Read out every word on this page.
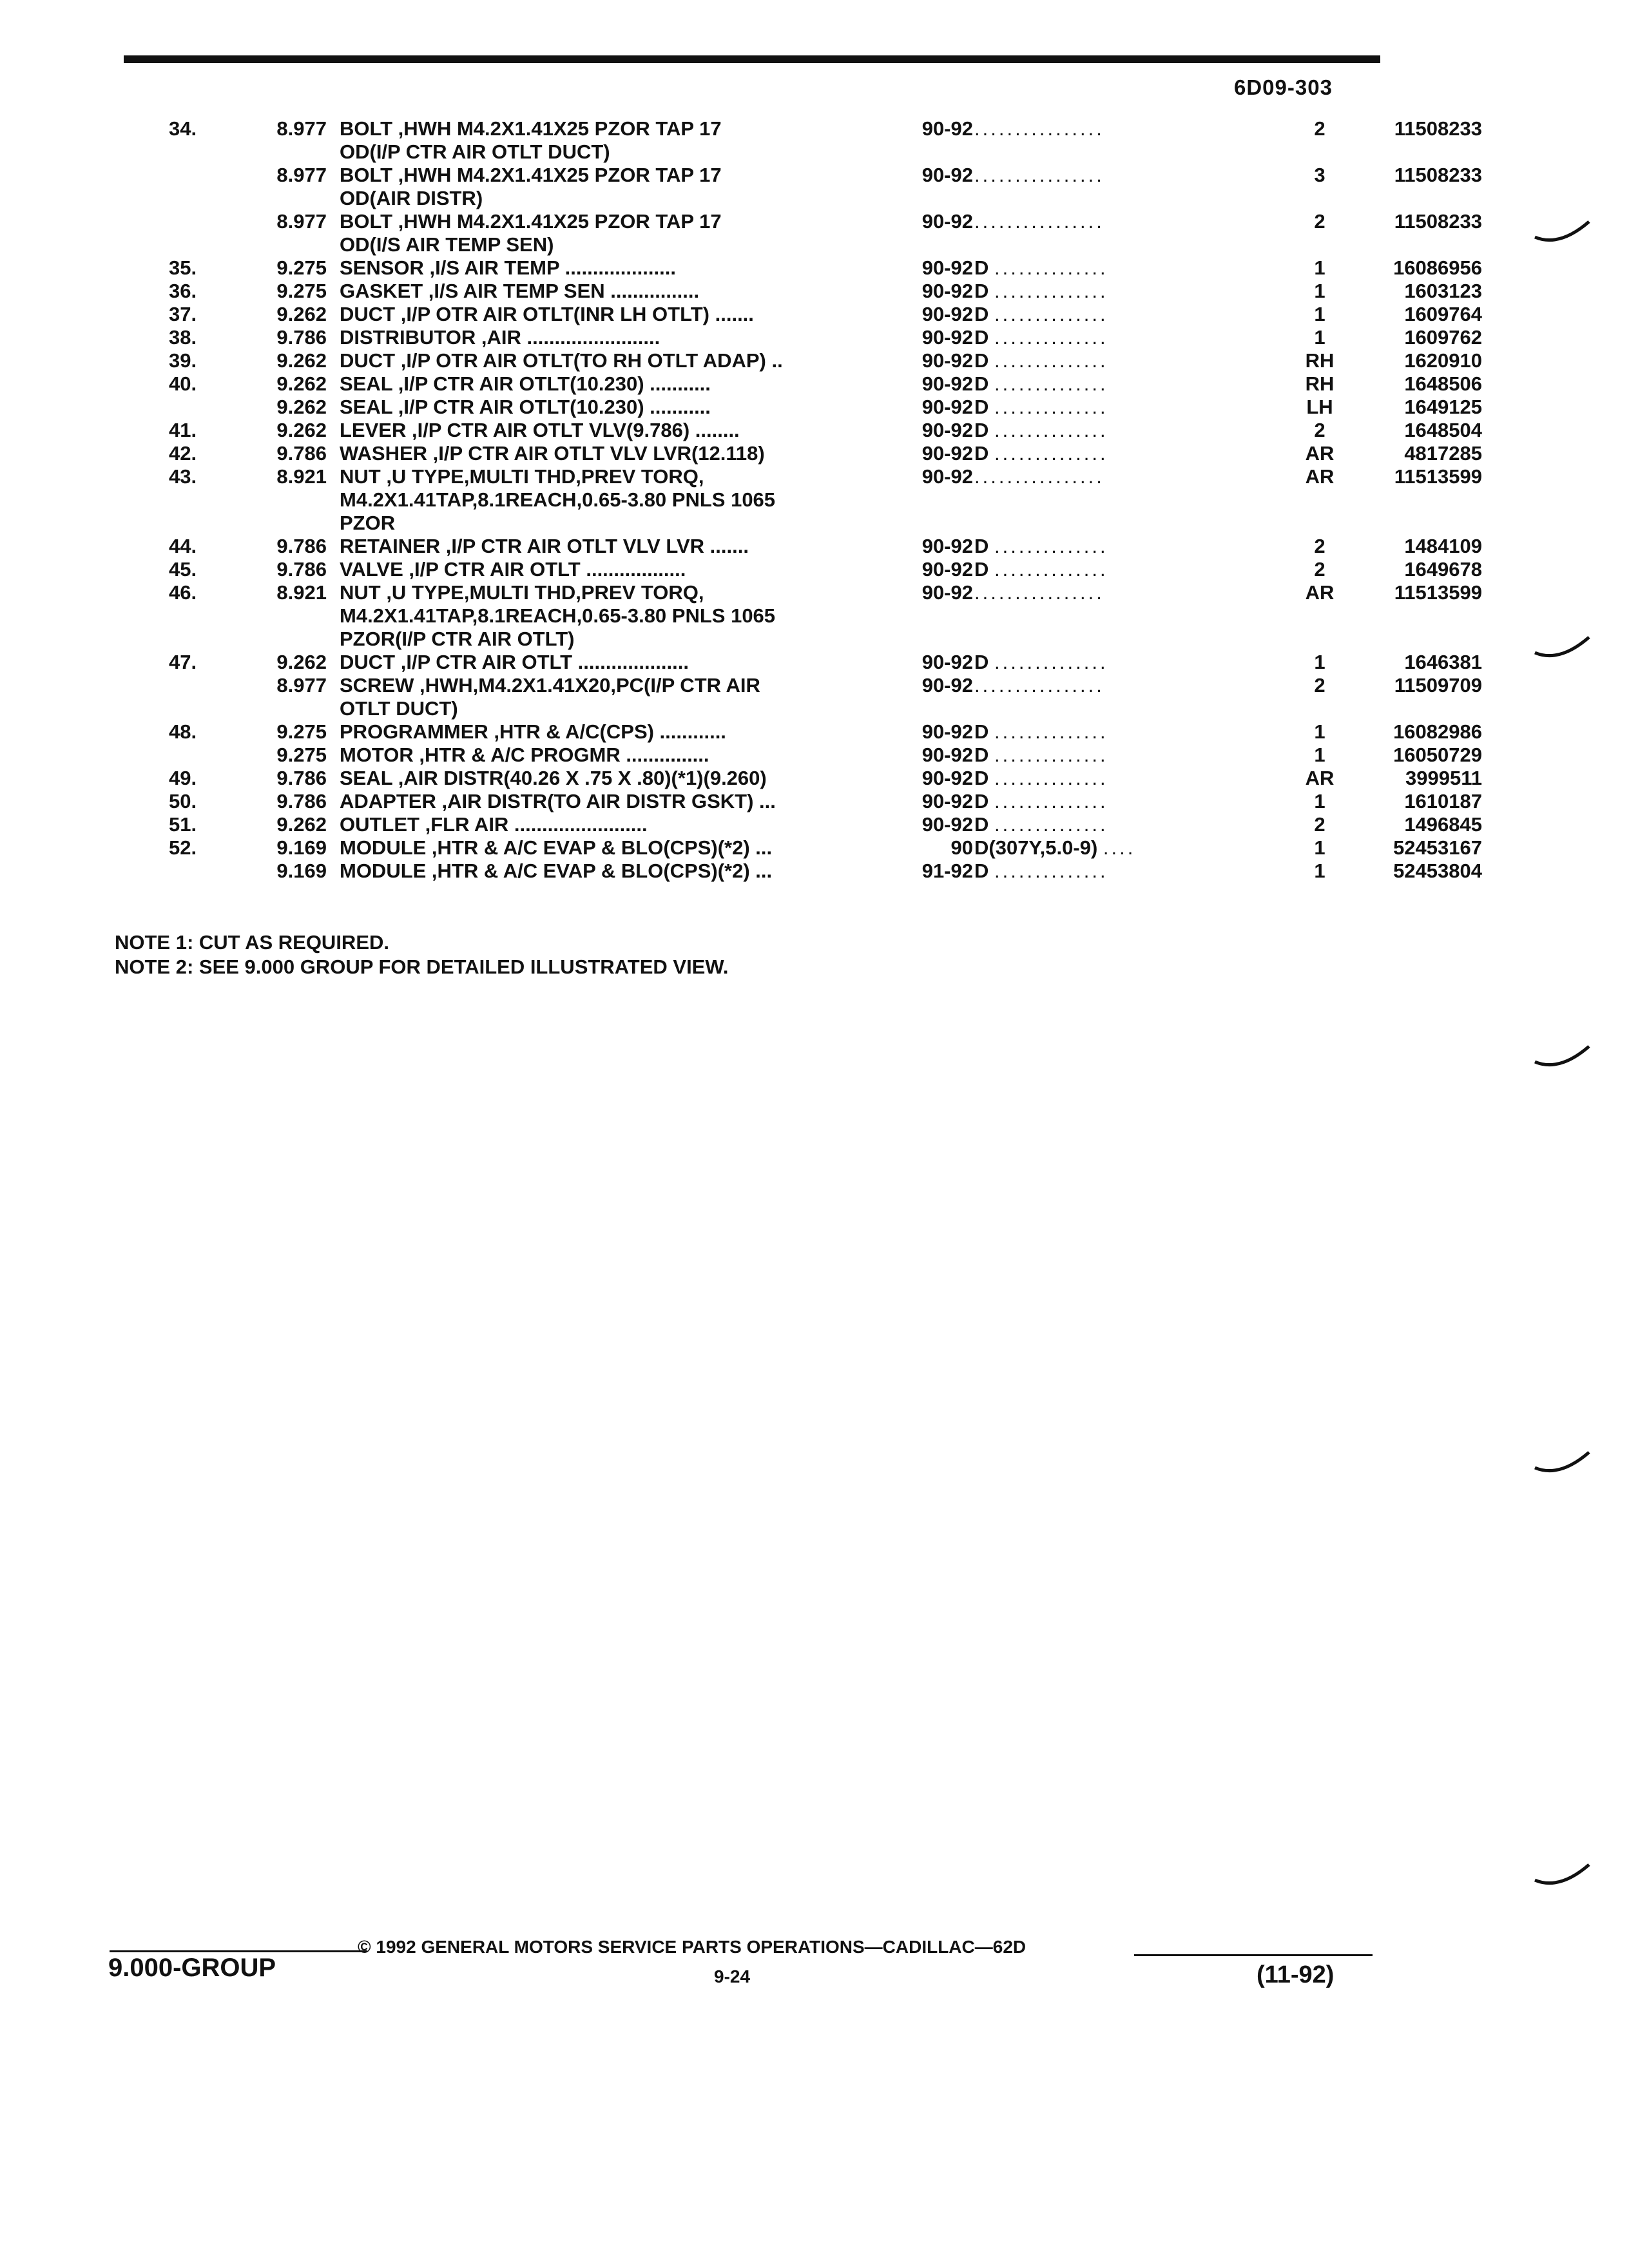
6D09-303
34.	8.977 BOLT ,HWH M4.2X1.41X25 PZOR TAP 17
OD(I/P CTR AIR OTLT DUCT)
90-92 ................	2	11508233
8.977 BOLT ,HWH M4.2X1.41X25 PZOR TAP 17
OD(AIR DISTR)
90-92 ................	3	11508233
8.977 BOLT ,HWH M4.2X1.41X25 PZOR TAP 17
OD(I/S AIR TEMP SEN)
90-92 ................	2	11508233
35.	9.275 SENSOR ,I/S AIR TEMP ....................	90-92 D ..............	1	16086956
36.	9.275 GASKET ,I/S AIR TEMP SEN ................	90-92 D ..............	1	1603123
37.	9.262 DUCT ,I/P OTR AIR OTLT(INR LH OTLT) .......	90-92 D ..............	1	1609764
38.	9.786 DISTRIBUTOR ,AIR ........................	90-92 D ..............	1	1609762
39.	9.262 DUCT ,I/P OTR AIR OTLT(TO RH OTLT ADAP) ..	90-92 D ..............	RH	1620910
40.	9.262 SEAL ,I/P CTR AIR OTLT(10.230) ...........	90-92 D ..............	RH	1648506
9.262 SEAL ,I/P CTR AIR OTLT(10.230) ...........	90-92 D ..............	LH	1649125
41.	9.262 LEVER ,I/P CTR AIR OTLT VLV(9.786) ........	90-92 D ..............	2	1648504
42.	9.786 WASHER ,I/P CTR AIR OTLT VLV LVR(12.118)	90-92 D ..............	AR	4817285
43.	8.921 NUT ,U TYPE,MULTI THD,PREV TORQ,
M4.2X1.41TAP,8.1REACH,0.65-3.80 PNLS 1065
PZOR
90-92 ................	AR	11513599
44.	9.786 RETAINER ,I/P CTR AIR OTLT VLV LVR .......	90-92 D ..............	2	1484109
45.	9.786 VALVE ,I/P CTR AIR OTLT ..................	90-92 D ..............	2	1649678
46.	8.921 NUT ,U TYPE,MULTI THD,PREV TORQ,
M4.2X1.41TAP,8.1REACH,0.65-3.80 PNLS 1065
PZOR(I/P CTR AIR OTLT)
90-92 ................	AR	11513599
47.	9.262 DUCT ,I/P CTR AIR OTLT ....................	90-92 D ..............	1	1646381
8.977 SCREW ,HWH,M4.2X1.41X20,PC(I/P CTR AIR
OTLT DUCT)
90-92 ................	2	11509709
48.	9.275 PROGRAMMER ,HTR & A/C(CPS) ............	90-92 D ..............	1	16082986
9.275 MOTOR ,HTR & A/C PROGMR ...............	90-92 D ..............	1	16050729
49.	9.786 SEAL ,AIR DISTR(40.26 X .75 X .80)(*1)(9.260)	90-92 D ..............	AR	3999511
50.	9.786 ADAPTER ,AIR DISTR(TO AIR DISTR GSKT) ...	90-92 D ..............	1	1610187
51.	9.262 OUTLET ,FLR AIR ........................	90-92 D ..............	2	1496845
52.	9.169 MODULE ,HTR & A/C EVAP & BLO(CPS)(*2) ...	90 D(307Y,5.0-9) ....	1	52453167
9.169 MODULE ,HTR & A/C EVAP & BLO(CPS)(*2) ...	91-92 D ..............	1	52453804
NOTE 1: CUT AS REQUIRED.
NOTE 2: SEE 9.000 GROUP FOR DETAILED ILLUSTRATED VIEW.
© 1992 GENERAL MOTORS SERVICE PARTS OPERATIONS—CADILLAC—62D
9.000-GROUP	9-24	(11-92)
